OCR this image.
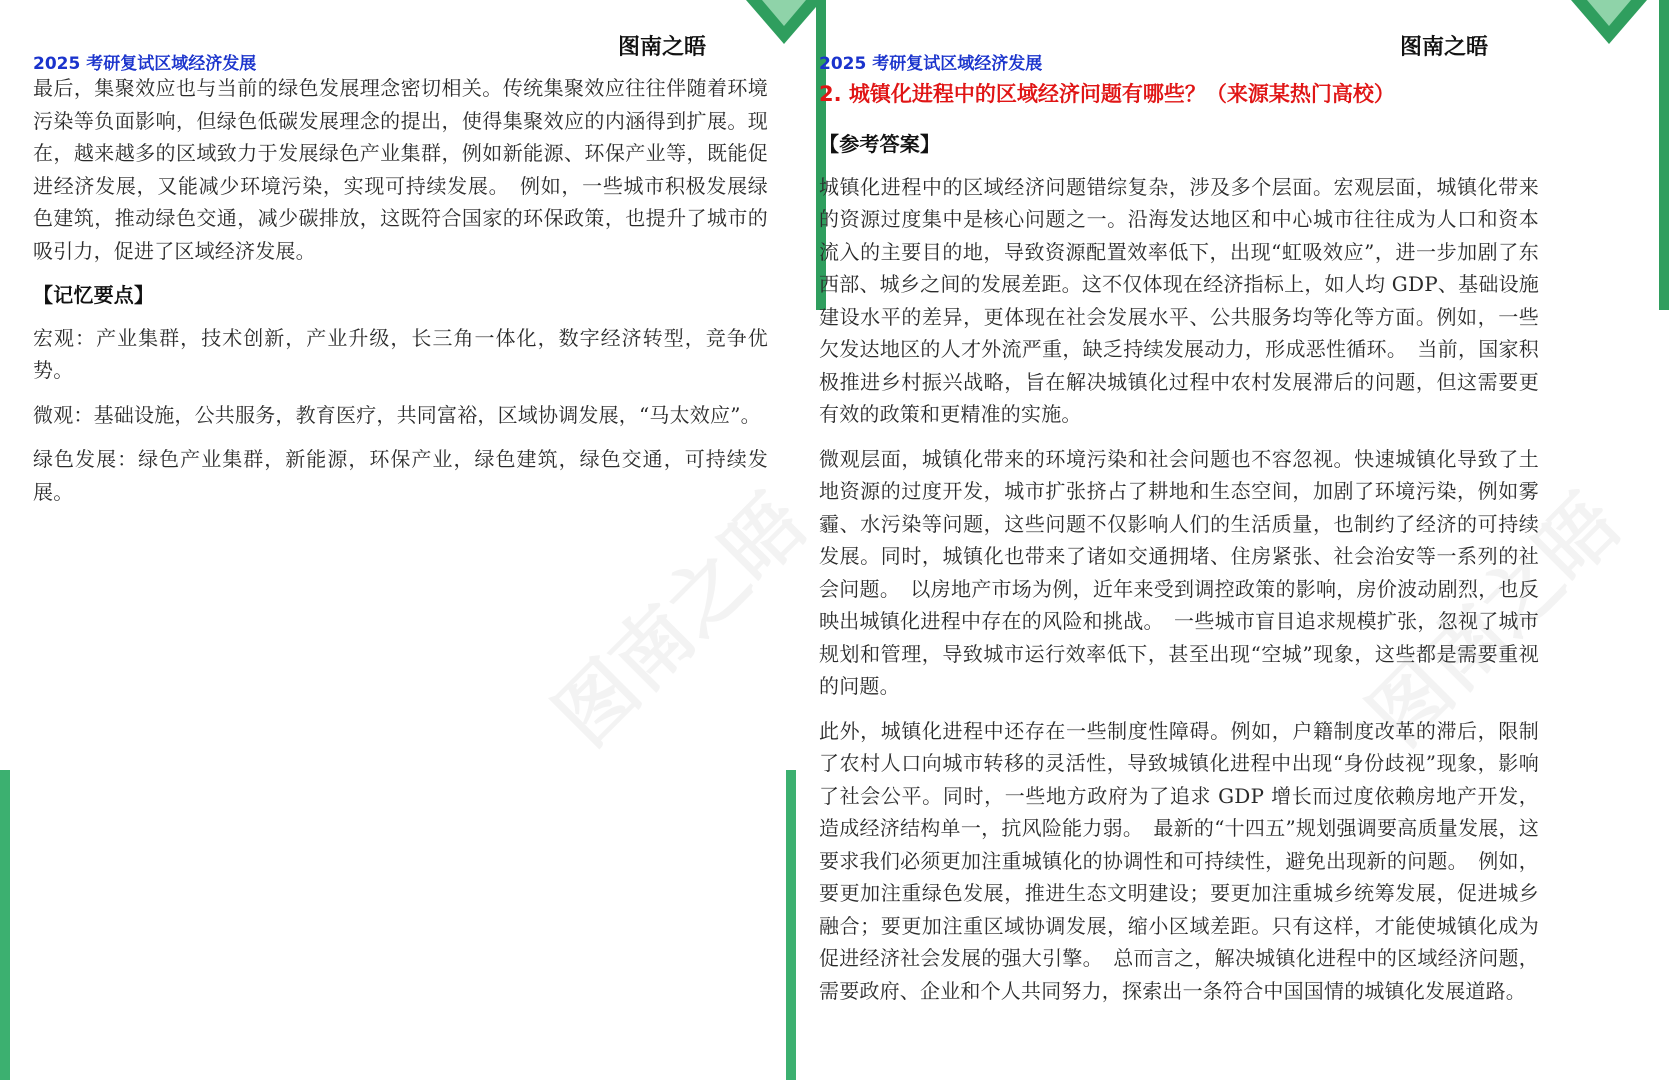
图南之晤
2025 考研复试区域经济发展
图南之晤

最后，集聚效应也与当前的绿色发展理念密切相关。传统集聚效应往往伴随着环境污染等负面影响，但绿色低碳发展理念的提出，使得集聚效应的内涵得到扩展。现在，越来越多的区域致力于发展绿色产业集群，例如新能源、环保产业等，既能促进经济发展，又能减少环境污染，实现可持续发展。　例如，一些城市积极发展绿色建筑，推动绿色交通，减少碳排放，这既符合国家的环保政策，也提升了城市的吸引力，促进了区域经济发展。

【记忆要点】

宏观：产业集群，技术创新，产业升级，长三角一体化，数字经济转型，竞争优势。

微观：基础设施，公共服务，教育医疗，共同富裕，区域协调发展，“马太效应”。

绿色发展：绿色产业集群，新能源，环保产业，绿色建筑，绿色交通，可持续发展。	图南之晤
2025 考研复试区域经济发展
图南之晤
2. 城镇化进程中的区域经济问题有哪些？（来源某热门高校）
【参考答案】

城镇化进程中的区域经济问题错综复杂，涉及多个层面。宏观层面，城镇化带来的资源过度集中是核心问题之一。沿海发达地区和中心城市往往成为人口和资本流入的主要目的地，导致资源配置效率低下，出现“虹吸效应”，进一步加剧了东西部、城乡之间的发展差距。这不仅体现在经济指标上，如人均 GDP、基础设施建设水平的差异，更体现在社会发展水平、公共服务均等化等方面。例如，一些欠发达地区的人才外流严重，缺乏持续发展动力，形成恶性循环。　当前，国家积极推进乡村振兴战略，旨在解决城镇化过程中农村发展滞后的问题，但这需要更有效的政策和更精准的实施。

微观层面，城镇化带来的环境污染和社会问题也不容忽视。快速城镇化导致了土地资源的过度开发，城市扩张挤占了耕地和生态空间，加剧了环境污染，例如雾霾、水污染等问题，这些问题不仅影响人们的生活质量，也制约了经济的可持续发展。同时，城镇化也带来了诸如交通拥堵、住房紧张、社会治安等一系列的社会问题。　以房地产市场为例，近年来受到调控政策的影响，房价波动剧烈，也反映出城镇化进程中存在的风险和挑战。　一些城市盲目追求规模扩张，忽视了城市规划和管理，导致城市运行效率低下，甚至出现“空城”现象，这些都是需要重视的问题。

此外，城镇化进程中还存在一些制度性障碍。例如，户籍制度改革的滞后，限制了农村人口向城市转移的灵活性，导致城镇化进程中出现“身份歧视”现象，影响了社会公平。同时，一些地方政府为了追求 GDP 增长而过度依赖房地产开发，造成经济结构单一，抗风险能力弱。　最新的“十四五”规划强调要高质量发展，这要求我们必须更加注重城镇化的协调性和可持续性，避免出现新的问题。　例如，要更加注重绿色发展，推进生态文明建设；要更加注重城乡统筹发展，促进城乡融合；要更加注重区域协调发展，缩小区域差距。只有这样，才能使城镇化成为促进经济社会发展的强大引擎。　总而言之，解决城镇化进程中的区域经济问题，需要政府、企业和个人共同努力，探索出一条符合中国国情的城镇化发展道路。
